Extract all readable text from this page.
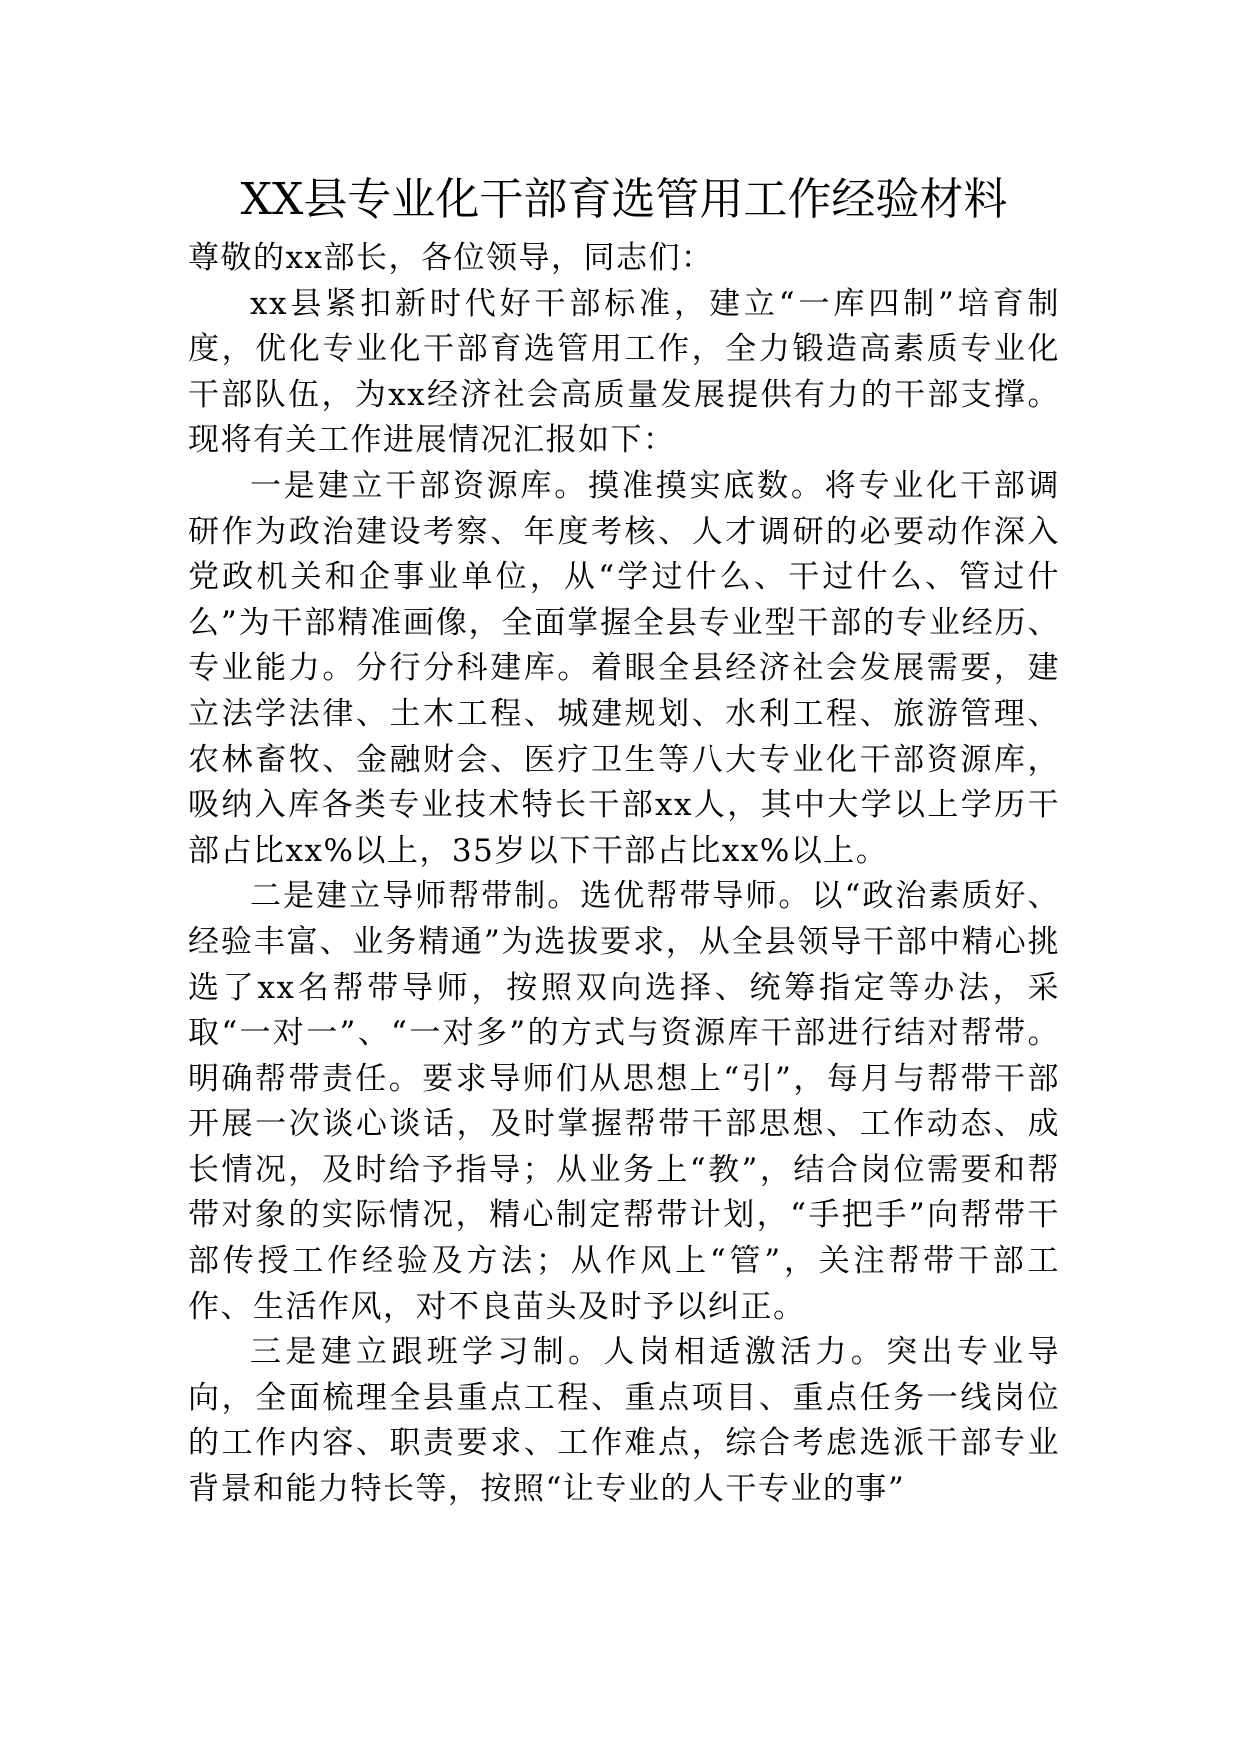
XX县专业化干部育选管用工作经验材料

尊敬的xx部长，各位领导，同志们：

xx县紧扣新时代好干部标准，建立“一库四制”培育制度，优化专业化干部育选管用工作，全力锻造高素质专业化干部队伍，为xx经济社会高质量发展提供有力的干部支撑。现将有关工作进展情况汇报如下：

一是建立干部资源库。摸准摸实底数。将专业化干部调研作为政治建设考察、年度考核、人才调研的必要动作深入党政机关和企事业单位，从“学过什么、干过什么、管过什么”为干部精准画像，全面掌握全县专业型干部的专业经历、专业能力。分行分科建库。着眼全县经济社会发展需要，建立法学法律、土木工程、城建规划、水利工程、旅游管理、农林畜牧、金融财会、医疗卫生等八大专业化干部资源库，吸纳入库各类专业技术特长干部xx人，其中大学以上学历干部占比xx%以上，35岁以下干部占比xx%以上。

二是建立导师帮带制。选优帮带导师。以“政治素质好、经验丰富、业务精通”为选拔要求，从全县领导干部中精心挑选了xx名帮带导师，按照双向选择、统筹指定等办法，采取“一对一”、“一对多”的方式与资源库干部进行结对帮带。明确帮带责任。要求导师们从思想上“引”，每月与帮带干部开展一次谈心谈话，及时掌握帮带干部思想、工作动态、成长情况，及时给予指导；从业务上“教”，结合岗位需要和帮带对象的实际情况，精心制定帮带计划，“手把手”向帮带干部传授工作经验及方法；从作风上“管”，关注帮带干部工作、生活作风，对不良苗头及时予以纠正。

三是建立跟班学习制。人岗相适激活力。突出专业导向，全面梳理全县重点工程、重点项目、重点任务一线岗位的工作内容、职责要求、工作难点，综合考虑选派干部专业背景和能力特长等，按照“让专业的人干专业的事”
